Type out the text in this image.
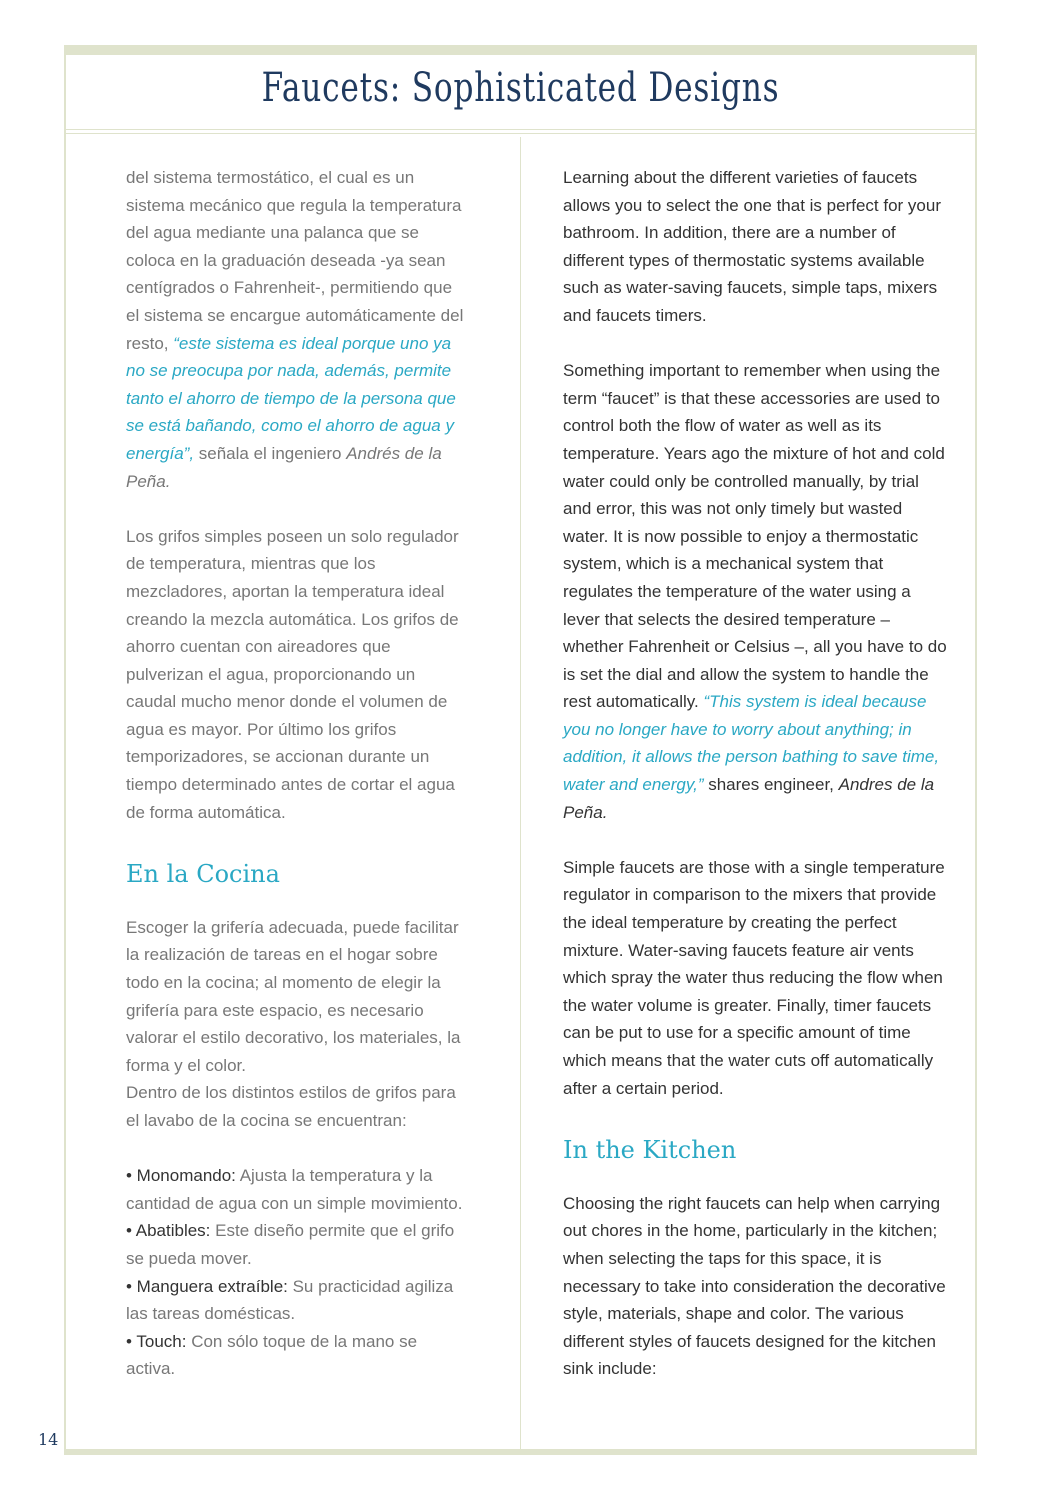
Faucets: Sophisticated Designs

del sistema termostático, el cual es un sistema mecánico que regula la temperatura del agua mediante una palanca que se coloca en la graduación deseada -ya sean centígrados o Fahrenheit-, permitiendo que el sistema se encargue automáticamente del resto, “este sistema es ideal porque uno ya no se preocupa por nada, además, permite tanto el ahorro de tiempo de la persona que se está bañando, como el ahorro de agua y energía”, señala el ingeniero Andrés de la Peña.

Los grifos simples poseen un solo regulador de temperatura, mientras que los mezcladores, aportan la temperatura ideal creando la mezcla automática. Los grifos de ahorro cuentan con aireadores que pulverizan el agua, proporcionando un caudal mucho menor donde el volumen de agua es mayor. Por último los grifos temporizadores, se accionan durante un tiempo determinado antes de cortar el agua de forma automática.

En la Cocina

Escoger la grifería adecuada, puede facilitar la realización de tareas en el hogar sobre todo en la cocina; al momento de elegir la grifería para este espacio, es necesario valorar el estilo decorativo, los materiales, la forma y el color.
Dentro de los distintos estilos de grifos para el lavabo de la cocina se encuentran:

• Monomando: Ajusta la temperatura y la cantidad de agua con un simple movimiento.
• Abatibles: Este diseño permite que el grifo se pueda mover.
• Manguera extraíble: Su practicidad agiliza las tareas domésticas.
• Touch: Con sólo toque de la mano se activa.

Learning about the different varieties of faucets allows you to select the one that is perfect for your bathroom. In addition, there are a number of different types of thermostatic systems available such as water-saving faucets, simple taps, mixers and faucets timers.

Something important to remember when using the term “faucet” is that these accessories are used to control both the flow of water as well as its temperature. Years ago the mixture of hot and cold water could only be controlled manually, by trial and error, this was not only timely but wasted water. It is now possible to enjoy a thermostatic system, which is a mechanical system that regulates the temperature of the water using a lever that selects the desired temperature – whether Fahrenheit or Celsius –, all you have to do is set the dial and allow the system to handle the rest automatically. “This system is ideal because you no longer have to worry about anything; in addition, it allows the person bathing to save time, water and energy,” shares engineer, Andres de la Peña.

Simple faucets are those with a single temperature regulator in comparison to the mixers that provide the ideal temperature by creating the perfect mixture. Water-saving faucets feature air vents which spray the water thus reducing the flow when the water volume is greater. Finally, timer faucets can be put to use for a specific amount of time which means that the water cuts off automatically after a certain period.

In the Kitchen

Choosing the right faucets can help when carrying out chores in the home, particularly in the kitchen; when selecting the taps for this space, it is necessary to take into consideration the decorative style, materials, shape and color. The various different styles of faucets designed for the kitchen sink include:

14
